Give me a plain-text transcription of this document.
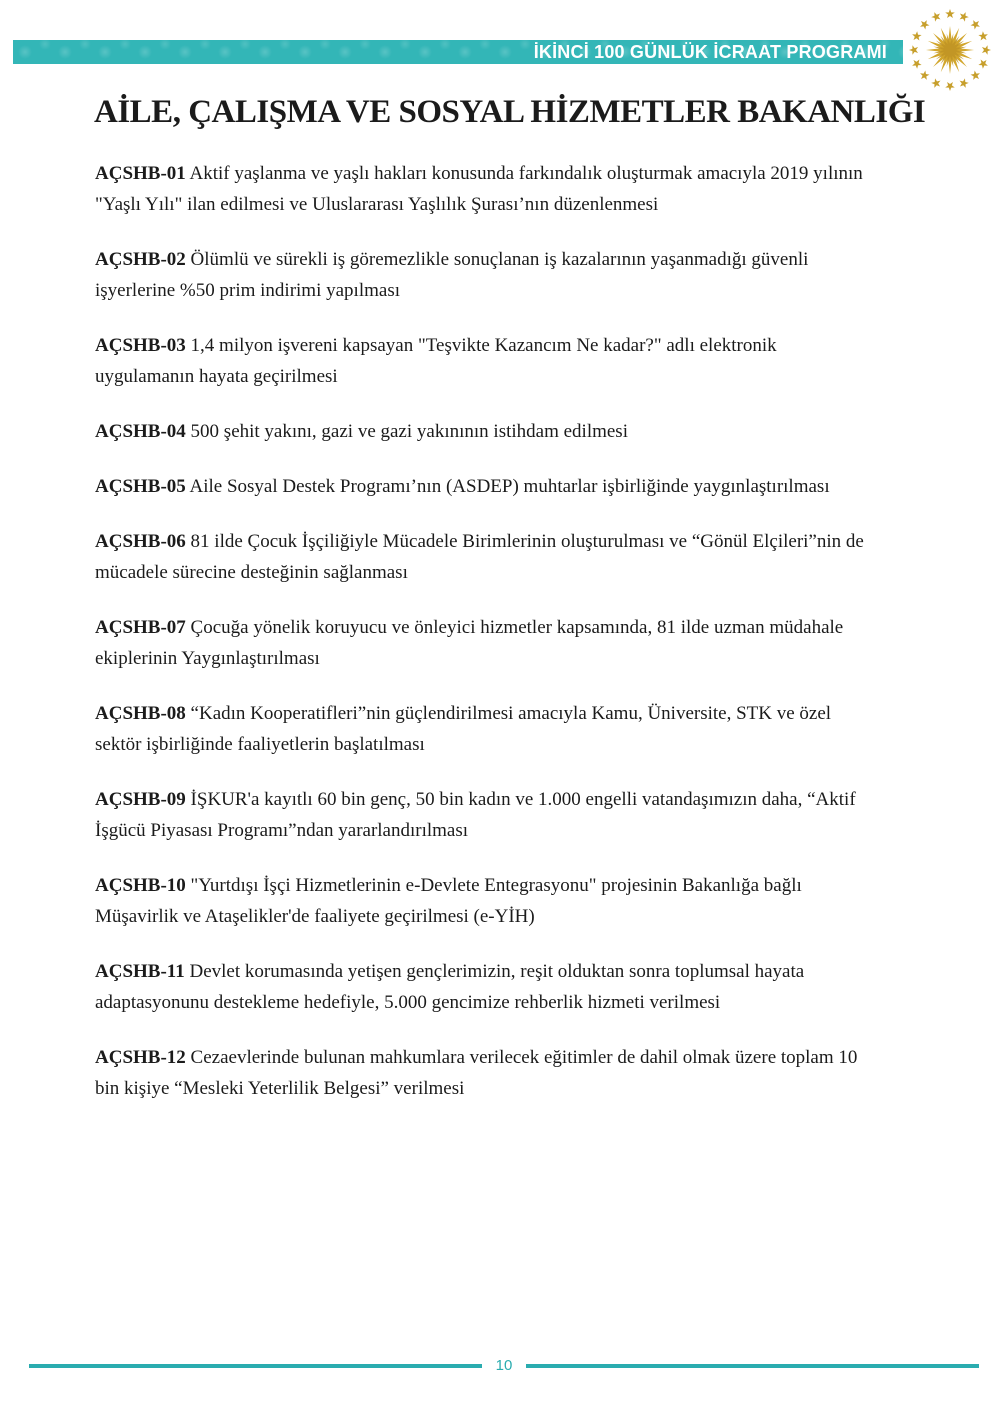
İKİNCİ 100 GÜNLÜK İCRAAT PROGRAMI
AİLE, ÇALIŞMA VE SOSYAL HİZMETLER BAKANLIĞI

AÇSHB-01 Aktif yaşlanma ve yaşlı hakları konusunda farkındalık oluşturmak amacıyla 2019 yılının "Yaşlı Yılı" ilan edilmesi ve Uluslararası Yaşlılık Şurası’nın düzenlenmesi

AÇSHB-02 Ölümlü ve sürekli iş göremezlikle sonuçlanan iş kazalarının yaşanmadığı güvenli işyerlerine %50 prim indirimi yapılması

AÇSHB-03 1,4 milyon işvereni kapsayan "Teşvikte Kazancım Ne kadar?" adlı elektronik uygulamanın hayata geçirilmesi

AÇSHB-04 500 şehit yakını, gazi ve gazi yakınının istihdam edilmesi

AÇSHB-05 Aile Sosyal Destek Programı’nın (ASDEP) muhtarlar işbirliğinde yaygınlaştırılması

AÇSHB-06 81 ilde Çocuk İşçiliğiyle Mücadele Birimlerinin oluşturulması ve “Gönül Elçileri”nin de mücadele sürecine desteğinin sağlanması

AÇSHB-07 Çocuğa yönelik koruyucu ve önleyici hizmetler kapsamında, 81 ilde uzman müdahale ekiplerinin Yaygınlaştırılması

AÇSHB-08 “Kadın Kooperatifleri”nin güçlendirilmesi amacıyla Kamu, Üniversite, STK ve özel sektör işbirliğinde faaliyetlerin başlatılması

AÇSHB-09 İŞKUR'a kayıtlı 60 bin genç, 50 bin kadın ve 1.000 engelli vatandaşımızın daha, “Aktif İşgücü Piyasası Programı”ndan yararlandırılması

AÇSHB-10 "Yurtdışı İşçi Hizmetlerinin e-Devlete Entegrasyonu" projesinin Bakanlığa bağlı Müşavirlik ve Ataşelikler'de faaliyete geçirilmesi (e-YİH)

AÇSHB-11 Devlet korumasında yetişen gençlerimizin, reşit olduktan sonra toplumsal hayata adaptasyonunu destekleme hedefiyle, 5.000 gencimize rehberlik hizmeti verilmesi

AÇSHB-12 Cezaevlerinde bulunan mahkumlara verilecek eğitimler de dahil olmak üzere toplam 10 bin kişiye “Mesleki Yeterlilik Belgesi” verilmesi

10
